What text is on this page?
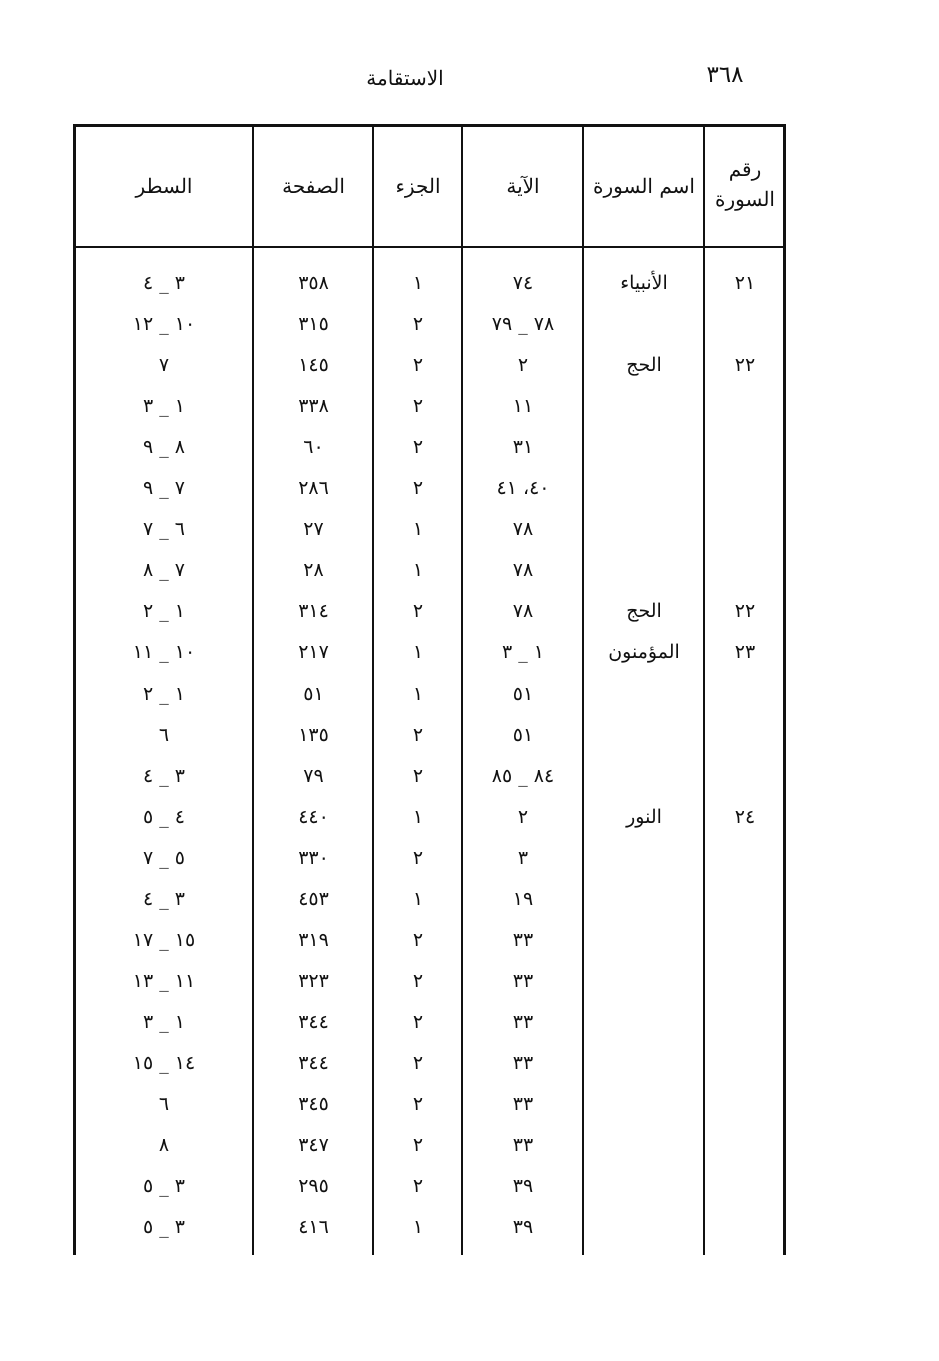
٣٦٨
الاستقامة
رقم السورة
اسم السورة
الآية
الجزء
الصفحة
السطر
٢١
الأنبياء
٧٤
١
٣٥٨
٣ _ ٤
٧٨ _ ٧٩
٢
٣١٥
١٠ _ ١٢
٢٢
الحج
٢
٢
١٤٥
٧
١١
٢
٣٣٨
١ _ ٣
٣١
٢
٦٠
٨ _ ٩
٤٠، ٤١
٢
٢٨٦
٧ _ ٩
٧٨
١
٢٧
٦ _ ٧
٧٨
١
٢٨
٧ _ ٨
٢٢
الحج
٧٨
٢
٣١٤
١ _ ٢
٢٣
المؤمنون
١ _ ٣
١
٢١٧
١٠ _ ١١
٥١
١
٥١
١ _ ٢
٥١
٢
١٣٥
٦
٨٤ _ ٨٥
٢
٧٩
٣ _ ٤
٢٤
النور
٢
١
٤٤٠
٤ _ ٥
٣
٢
٣٣٠
٥ _ ٧
١٩
١
٤٥٣
٣ _ ٤
٣٣
٢
٣١٩
١٥ _ ١٧
٣٣
٢
٣٢٣
١١ _ ١٣
٣٣
٢
٣٤٤
١ _ ٣
٣٣
٢
٣٤٤
١٤ _ ١٥
٣٣
٢
٣٤٥
٦
٣٣
٢
٣٤٧
٨
٣٩
٢
٢٩٥
٣ _ ٥
٣٩
١
٤١٦
٣ _ ٥
